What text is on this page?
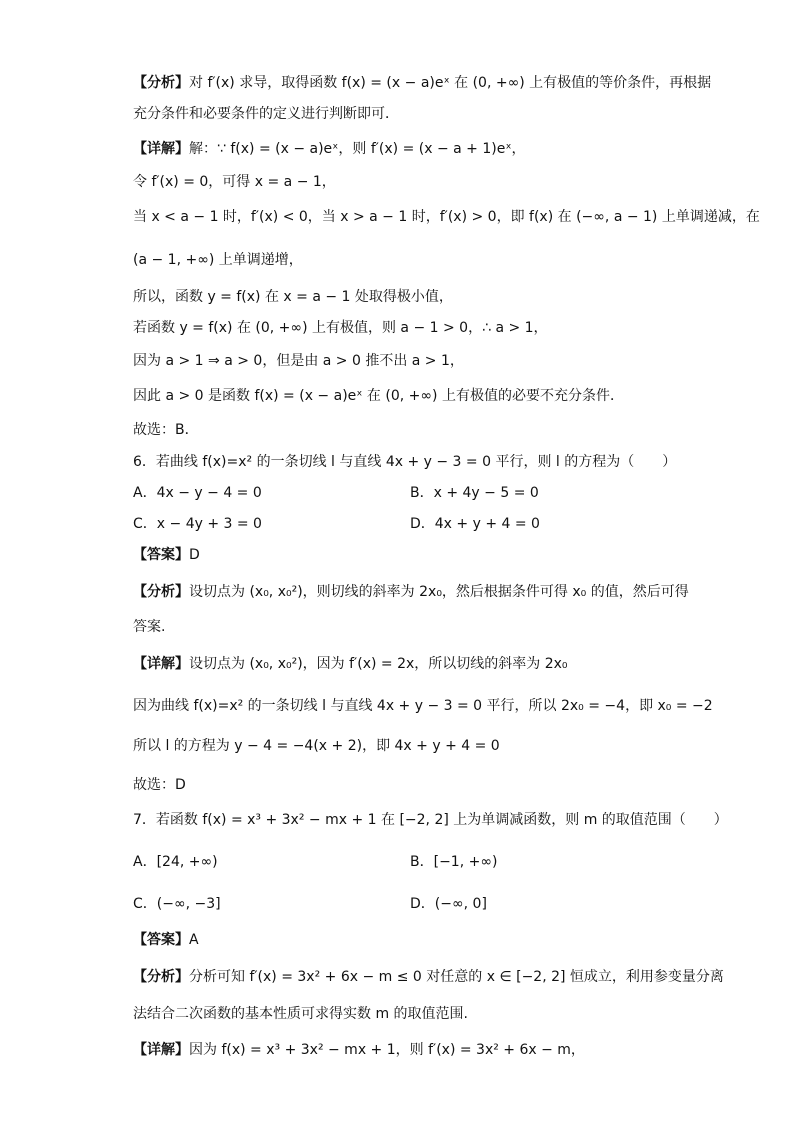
【分析】对 f′(x) 求导，取得函数 f(x) = (x − a)eˣ 在 (0, +∞) 上有极值的等价条件，再根据
充分条件和必要条件的定义进行判断即可．
【详解】解：∵ f(x) = (x − a)eˣ，则 f′(x) = (x − a + 1)eˣ，
令 f′(x) = 0，可得 x = a − 1，
当 x < a − 1 时，f′(x) < 0，当 x > a − 1 时，f′(x) > 0，即 f(x) 在 (−∞, a − 1) 上单调递减，在
(a − 1, +∞) 上单调递增，
所以，函数 y = f(x) 在 x = a − 1 处取得极小值，
若函数 y = f(x) 在 (0, +∞) 上有极值，则 a − 1 > 0，∴ a > 1，
因为 a > 1 ⇒ a > 0，但是由 a > 0 推不出 a > 1，
因此 a > 0 是函数 f(x) = (x − a)eˣ 在 (0, +∞) 上有极值的必要不充分条件．
故选：B．
6．若曲线 f(x)=x² 的一条切线 l 与直线 4x + y − 3 = 0 平行，则 l 的方程为（　　）
A．4x − y − 4 = 0	B．x + 4y − 5 = 0
C．x − 4y + 3 = 0	D．4x + y + 4 = 0
【答案】D
【分析】设切点为 (x₀, x₀²)，则切线的斜率为 2x₀，然后根据条件可得 x₀ 的值，然后可得
答案.
【详解】设切点为 (x₀, x₀²)，因为 f′(x) = 2x，所以切线的斜率为 2x₀
因为曲线 f(x)=x² 的一条切线 l 与直线 4x + y − 3 = 0 平行，所以 2x₀ = −4，即 x₀ = −2
所以 l 的方程为 y − 4 = −4(x + 2)，即 4x + y + 4 = 0
故选：D
7．若函数 f(x) = x³ + 3x² − mx + 1 在 [−2, 2] 上为单调减函数，则 m 的取值范围（　　）
A．[24, +∞)	B．[−1, +∞)
C．(−∞, −3]	D．(−∞, 0]
【答案】A
【分析】分析可知 f′(x) = 3x² + 6x − m ≤ 0 对任意的 x ∈ [−2, 2] 恒成立，利用参变量分离
法结合二次函数的基本性质可求得实数 m 的取值范围.
【详解】因为 f(x) = x³ + 3x² − mx + 1，则 f′(x) = 3x² + 6x − m，
